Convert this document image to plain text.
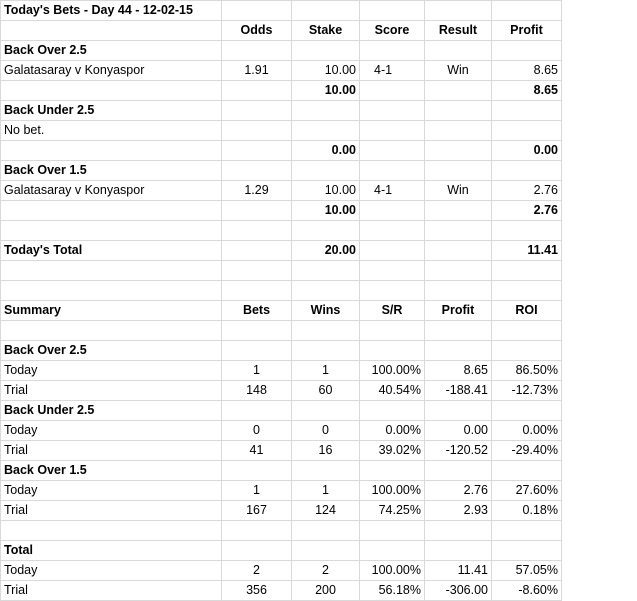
Today's Bets - Day 44 - 12-02-15					
	Odds	Stake	Score	Result	Profit
Back Over 2.5					
Galatasaray v Konyaspor	1.91	10.00	4-1	Win	8.65
		10.00			8.65
Back Under 2.5					
No bet.					
		0.00			0.00
Back Over 1.5					
Galatasaray v Konyaspor	1.29	10.00	4-1	Win	2.76
		10.00			2.76

Today's Total		20.00			11.41

Summary	Bets	Wins	S/R	Profit	ROI

Back Over 2.5					
Today	1	1	100.00%	8.65	86.50%
Trial	148	60	40.54%	-188.41	-12.73%
Back Under 2.5					
Today	0	0	0.00%	0.00	0.00%
Trial	41	16	39.02%	-120.52	-29.40%
Back Over 1.5					
Today	1	1	100.00%	2.76	27.60%
Trial	167	124	74.25%	2.93	0.18%

Total					
Today	2	2	100.00%	11.41	57.05%
Trial	356	200	56.18%	-306.00	-8.60%
